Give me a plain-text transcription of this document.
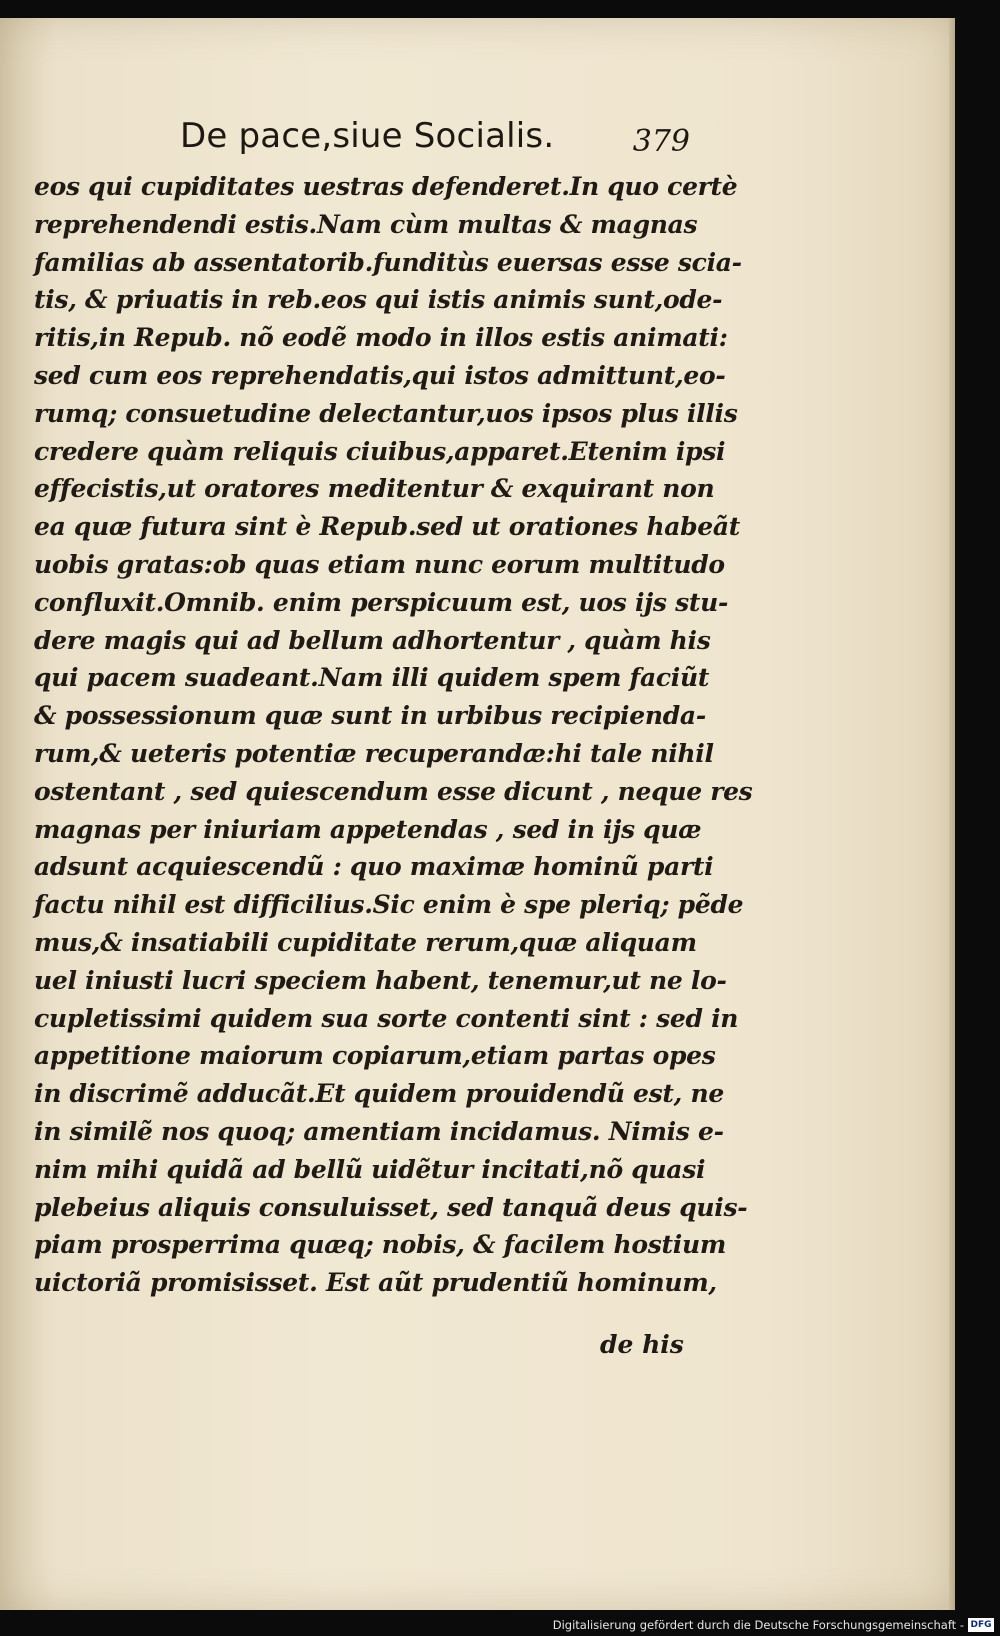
De pace,siue Socialis.	379
eos qui cupiditates uestras defenderet.In quo certè
reprehendendi estis.Nam cùm multas & magnas
familias ab assentatorib.funditùs euersas esse scia-
tis, & priuatis in reb.eos qui istis animis sunt,ode-
ritis,in Repub. nõ eodẽ modo in illos estis animati:
sed cum eos reprehendatis,qui istos admittunt,eo-
rumq; consuetudine delectantur,uos ipsos plus illis
credere quàm reliquis ciuibus,apparet.Etenim ipsi
effecistis,ut oratores meditentur & exquirant non
ea quæ futura sint è Repub.sed ut orationes habeãt
uobis gratas:ob quas etiam nunc eorum multitudo
confluxit.Omnib. enim perspicuum est, uos ijs stu-
dere magis qui ad bellum adhortentur , quàm his
qui pacem suadeant.Nam illi quidem spem faciũt
& possessionum quæ sunt in urbibus recipienda-
rum,& ueteris potentiæ recuperandæ:hi tale nihil
ostentant , sed quiescendum esse dicunt , neque res
magnas per iniuriam appetendas , sed in ijs quæ
adsunt acquiescendũ : quo maximæ hominũ parti
factu nihil est difficilius.Sic enim è spe pleriq; pẽde
mus,& insatiabili cupiditate rerum,quæ aliquam
uel iniusti lucri speciem habent, tenemur,ut ne lo-
cupletissimi quidem sua sorte contenti sint : sed in
appetitione maiorum copiarum,etiam partas opes
in discrimẽ adducãt.Et quidem prouidendũ est, ne
in similẽ nos quoq; amentiam incidamus. Nimis e-
nim mihi quidã ad bellũ uidẽtur incitati,nõ quasi
plebeius aliquis consuluisset, sed tanquã deus quis-
piam prosperrima quæq; nobis, & facilem hostium
uictoriã promisisset. Est aũt prudentiũ hominum,
de his
Digitalisierung gefördert durch die Deutsche Forschungsgemeinschaft - DFG
